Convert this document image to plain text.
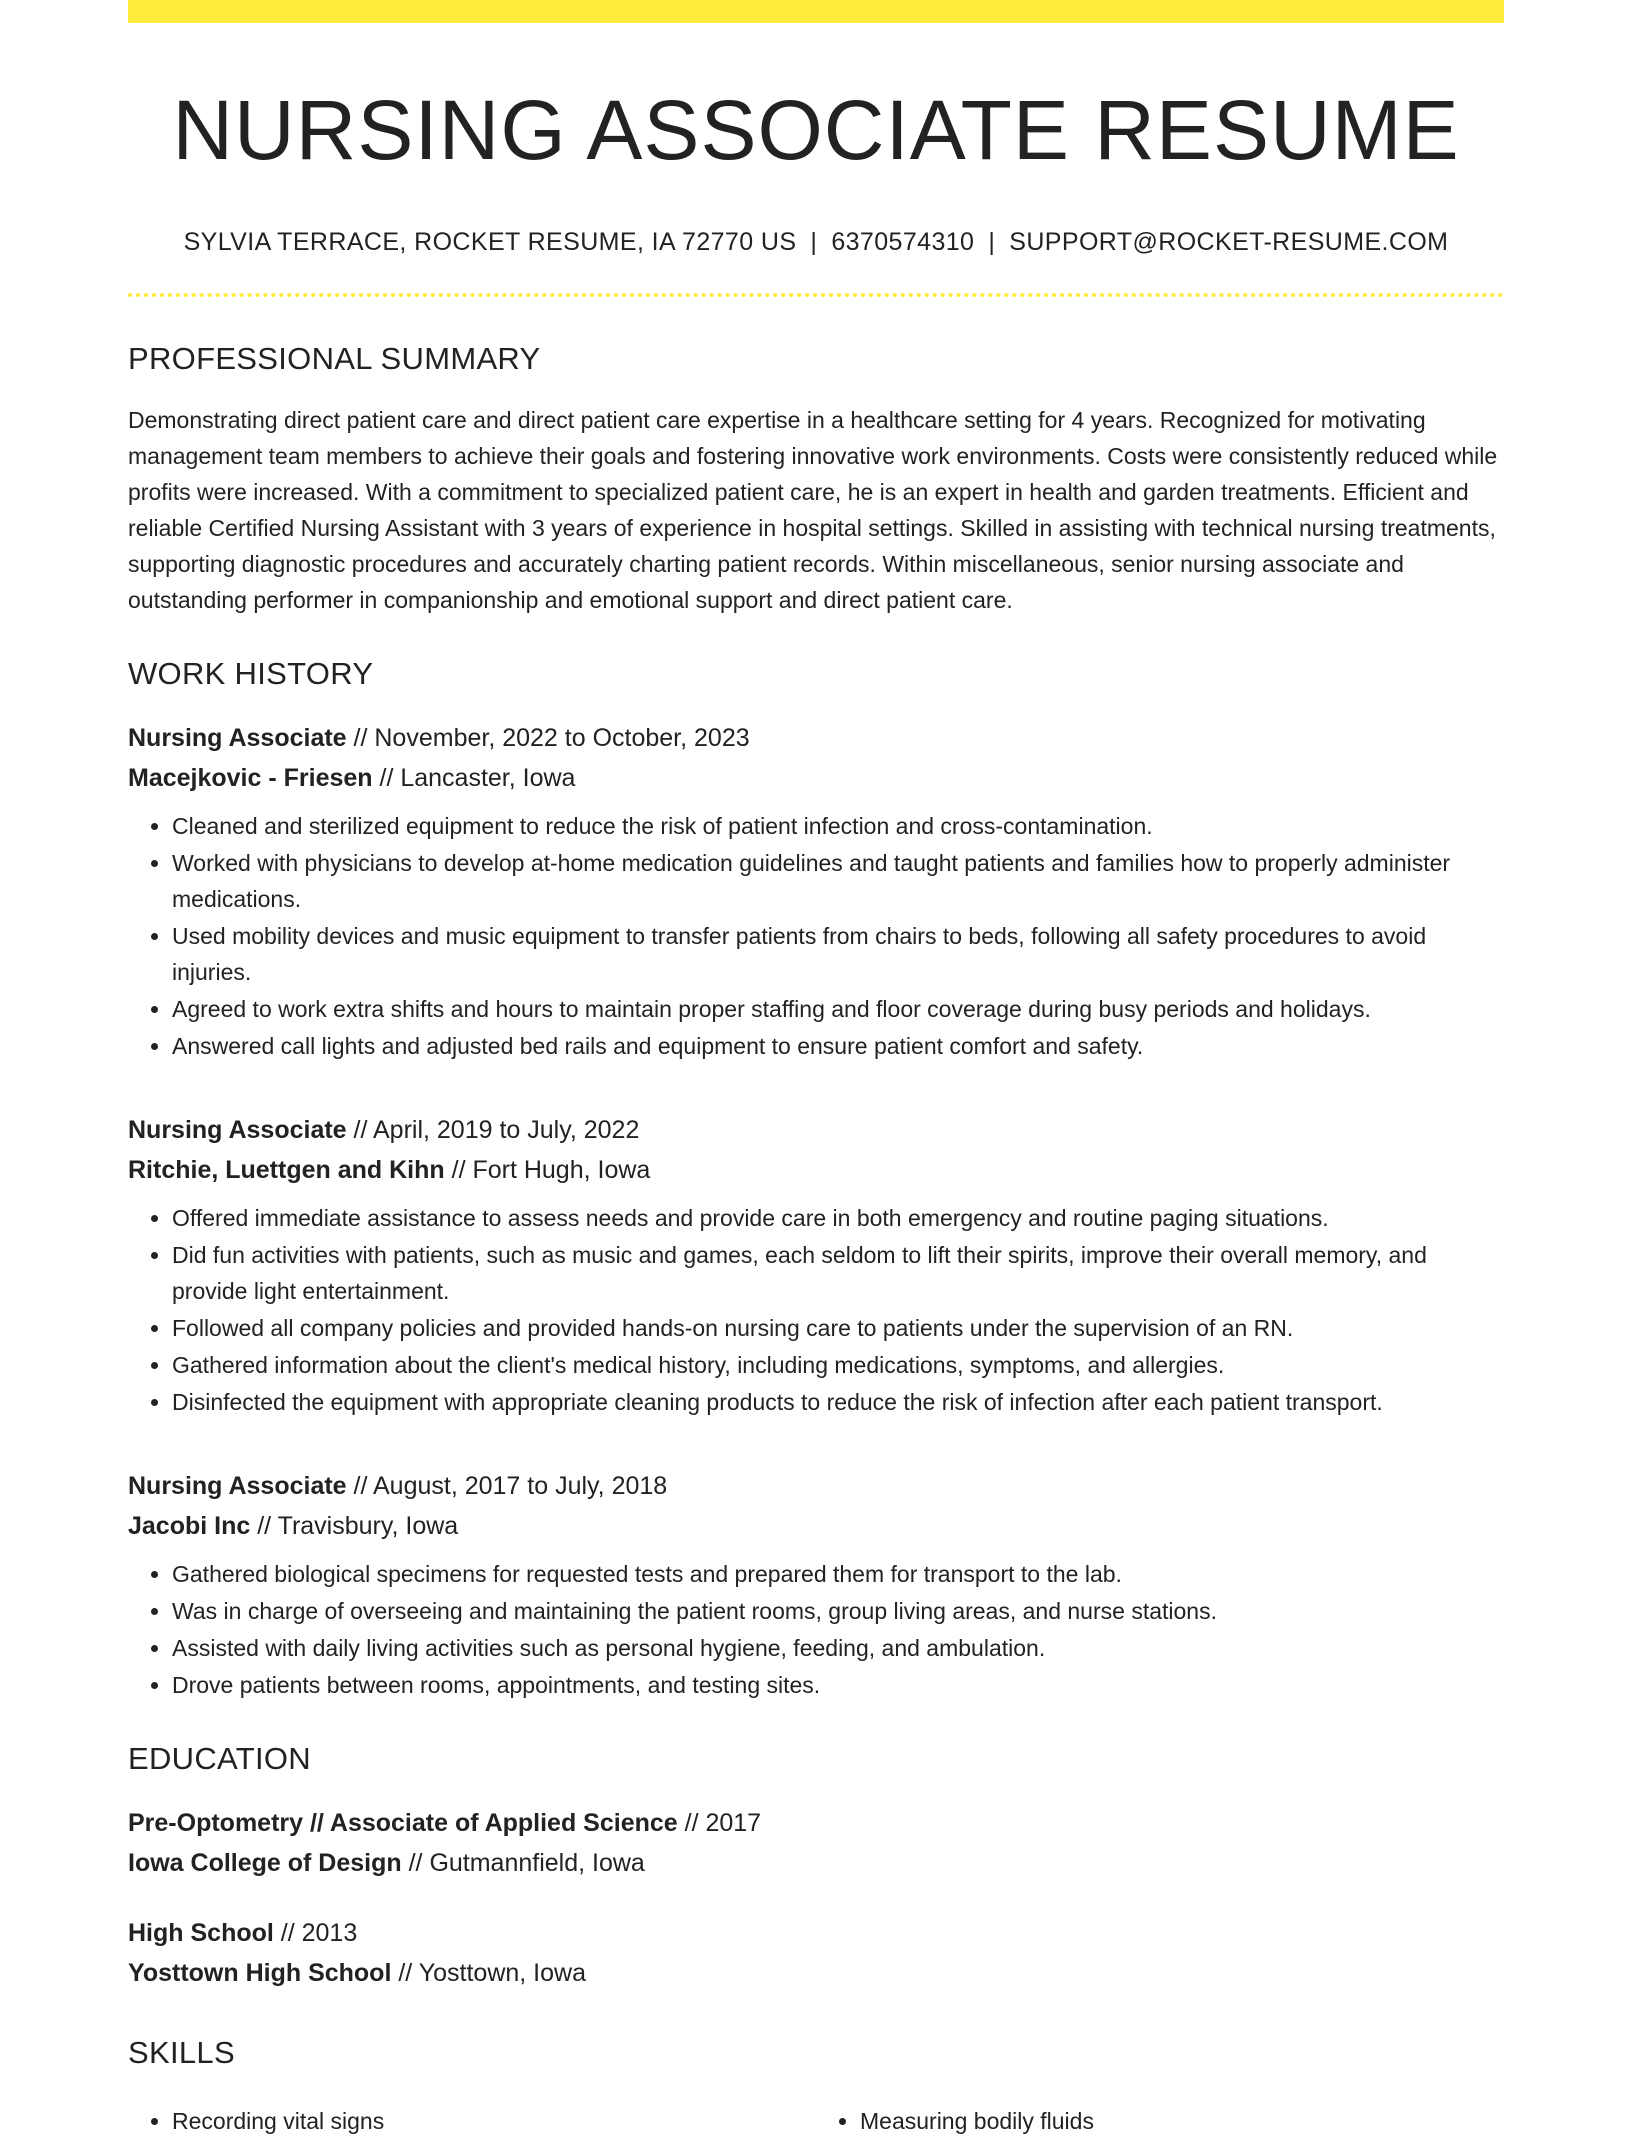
NURSING ASSOCIATE RESUME
SYLVIA TERRACE, ROCKET RESUME, IA 72770 US | 6370574310 | SUPPORT@ROCKET-RESUME.COM
PROFESSIONAL SUMMARY

Demonstrating direct patient care and direct patient care expertise in a healthcare setting for 4 years. Recognized for motivating management team members to achieve their goals and fostering innovative work environments. Costs were consistently reduced while profits were increased. With a commitment to specialized patient care, he is an expert in health and garden treatments. Efficient and reliable Certified Nursing Assistant with 3 years of experience in hospital settings. Skilled in assisting with technical nursing treatments, supporting diagnostic procedures and accurately charting patient records. Within miscellaneous, senior nursing associate and outstanding performer in companionship and emotional support and direct patient care.

WORK HISTORY
Nursing Associate // November, 2022 to October, 2023
Macejkovic - Friesen // Lancaster, Iowa
• Cleaned and sterilized equipment to reduce the risk of patient infection and cross-contamination.
• Worked with physicians to develop at-home medication guidelines and taught patients and families how to properly administer medications.
• Used mobility devices and music equipment to transfer patients from chairs to beds, following all safety procedures to avoid injuries.
• Agreed to work extra shifts and hours to maintain proper staffing and floor coverage during busy periods and holidays.
• Answered call lights and adjusted bed rails and equipment to ensure patient comfort and safety.
Nursing Associate // April, 2019 to July, 2022
Ritchie, Luettgen and Kihn // Fort Hugh, Iowa
• Offered immediate assistance to assess needs and provide care in both emergency and routine paging situations.
• Did fun activities with patients, such as music and games, each seldom to lift their spirits, improve their overall memory, and provide light entertainment.
• Followed all company policies and provided hands-on nursing care to patients under the supervision of an RN.
• Gathered information about the client's medical history, including medications, symptoms, and allergies.
• Disinfected the equipment with appropriate cleaning products to reduce the risk of infection after each patient transport.
Nursing Associate // August, 2017 to July, 2018
Jacobi Inc // Travisbury, Iowa
• Gathered biological specimens for requested tests and prepared them for transport to the lab.
• Was in charge of overseeing and maintaining the patient rooms, group living areas, and nurse stations.
• Assisted with daily living activities such as personal hygiene, feeding, and ambulation.
• Drove patients between rooms, appointments, and testing sites.
EDUCATION
Pre-Optometry // Associate of Applied Science // 2017
Iowa College of Design // Gutmannfield, Iowa
High School // 2013
Yosttown High School // Yosttown, Iowa
SKILLS
• Recording vital signs
•	Measuring bodily fluids
